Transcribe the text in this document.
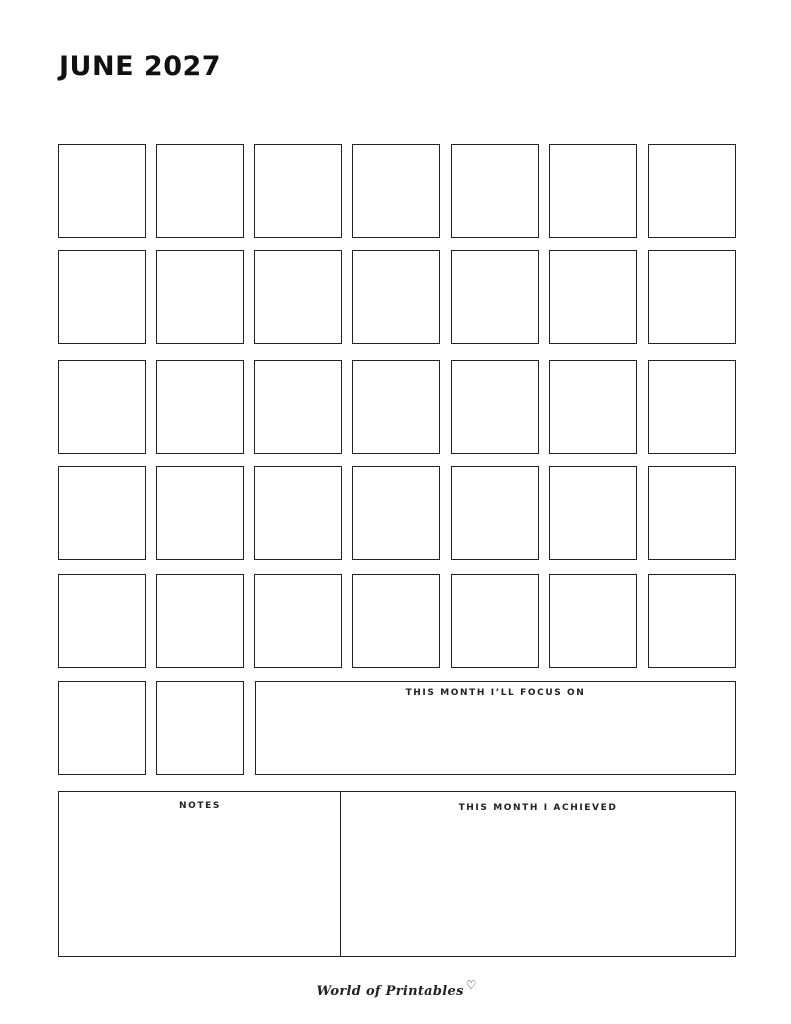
JUNE 2027
THIS MONTH I’LL FOCUS ON
NOTES	THIS MONTH I ACHIEVED
World of Printables ♡
